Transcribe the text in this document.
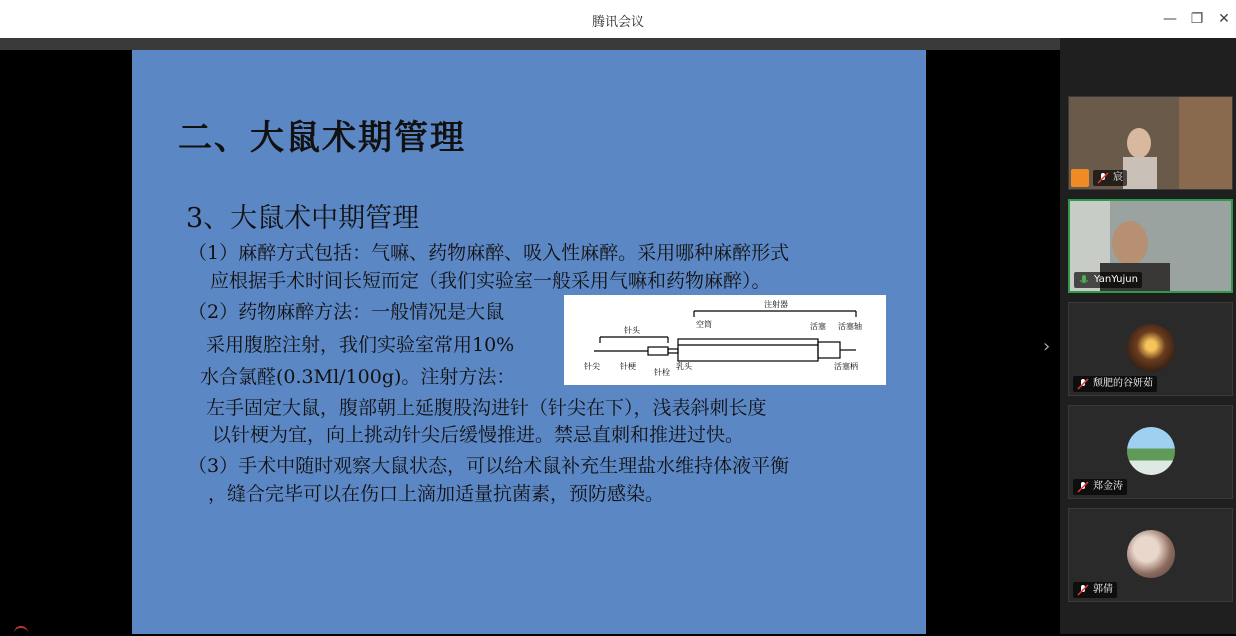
腾讯会议	— ❐ ✕
二、大鼠术期管理
3、大鼠术中期管理
（1）麻醉方式包括：气嘛、药物麻醉、吸入性麻醉。采用哪种麻醉形式
应根据手术时间长短而定（我们实验室一般采用气嘛和药物麻醉）。
（2）药物麻醉方法：一般情况是大鼠
采用腹腔注射，我们实验室常用10%
水合氯醛(0.3Ml/100g)。注射方法：
左手固定大鼠，腹部朝上延腹股沟进针（针尖在下），浅表斜刺长度
以针梗为宜，向上挑动针尖后缓慢推进。禁忌直刺和推进过快。
（3）手术中随时观察大鼠状态，可以给术鼠补充生理盐水维持体液平衡
，缝合完毕可以在伤口上滴加适量抗菌素，预防感染。
注射器
针头
空筒	活塞 活塞轴
针尖	针梗
针栓
乳头	活塞柄
›
宸
YanYujun
颓肥的谷妍茹
郑金涛
郭倩
